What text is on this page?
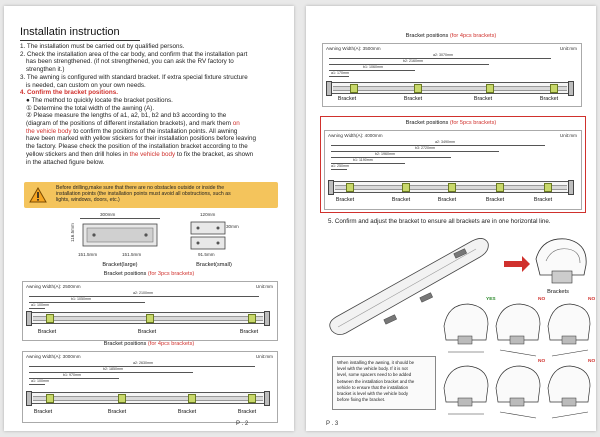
Installatin instruction
1. The installation must be carried out by qualified persons.
2. Check the installation area of the car body, and confirm that the installation part
has been strengthened. (if not strengthened, you can ask the RV factory to
strengthen it.)
3. The awning is configured with standard bracket. If extra special fixture structure
is needed, can custom on your own needs.
4. Confirm the bracket positions.
● The method to quickly locate the bracket positions.
① Determine the total width of the awning (A).
② Please measure the lengths of a1, a2, b1, b2 and b3 according to the
(diagram of the positions of different installation brackets), and mark them on
the vehicle body to confirm the positions of the installation points. All awning
have been marked with yellow stickers for their installation positions before leaving
the factory. Please check the position of the installation bracket according to the
yellow stickers and then drill holes in the vehicle body to fix the bracket, as shown
in the attached figure below.
Before drilling,make sure that there are no obstacles outside or inside the
installation points (the installation points must avoid all obstructions, such as
lights, windows, doors, etc.)
300mm
116.5mm
151.5mm	151.5mm
Bracket(large)
120mm
30mm
91.5mm
Bracket(small)
Bracket positions (for 3pcs brackets)
Awning Width(A): 2500mm	Unit:mm
a2: 2100mm
b1: 1050mm
a1: 100mm
Bracket	Bracket	Bracket
Bracket positions (for 4pcs brackets)
Awning Width(A): 3000mm	Unit:mm
a2: 2630mm
b2: 1850mm
b1: 970mm
a1: 100mm
Bracket	Bracket	Bracket	Bracket
P . 2
Bracket positions (for 4pcs brackets)
Awning Width(A): 3500mm	Unit:mm
a2: 3070mm
b2: 2160mm
b1: 1060mm
a1: 170mm
Bracket	Bracket	Bracket	Bracket
Bracket positions (for 5pcs brackets)
Awning Width(A): 4000mm	Unit:mm
a2: 3490mm
b3: 2720mm
b2: 1960mm
b1: 1190mm
a1: 250mm
Bracket	Bracket	Bracket	Bracket	Bracket
5. Confirm and adjust the bracket to ensure all brackets are in one horizontal line.
Brackets
YES	NO	NO
NO	NO
When installing the awning, it should be
level with the vehicle body. If it is not
level, some spacers need to be added
between the installation bracket and the
vehicle to ensure that the installation
bracket is level with the vehicle body
before fixing the bracket.
P . 3
